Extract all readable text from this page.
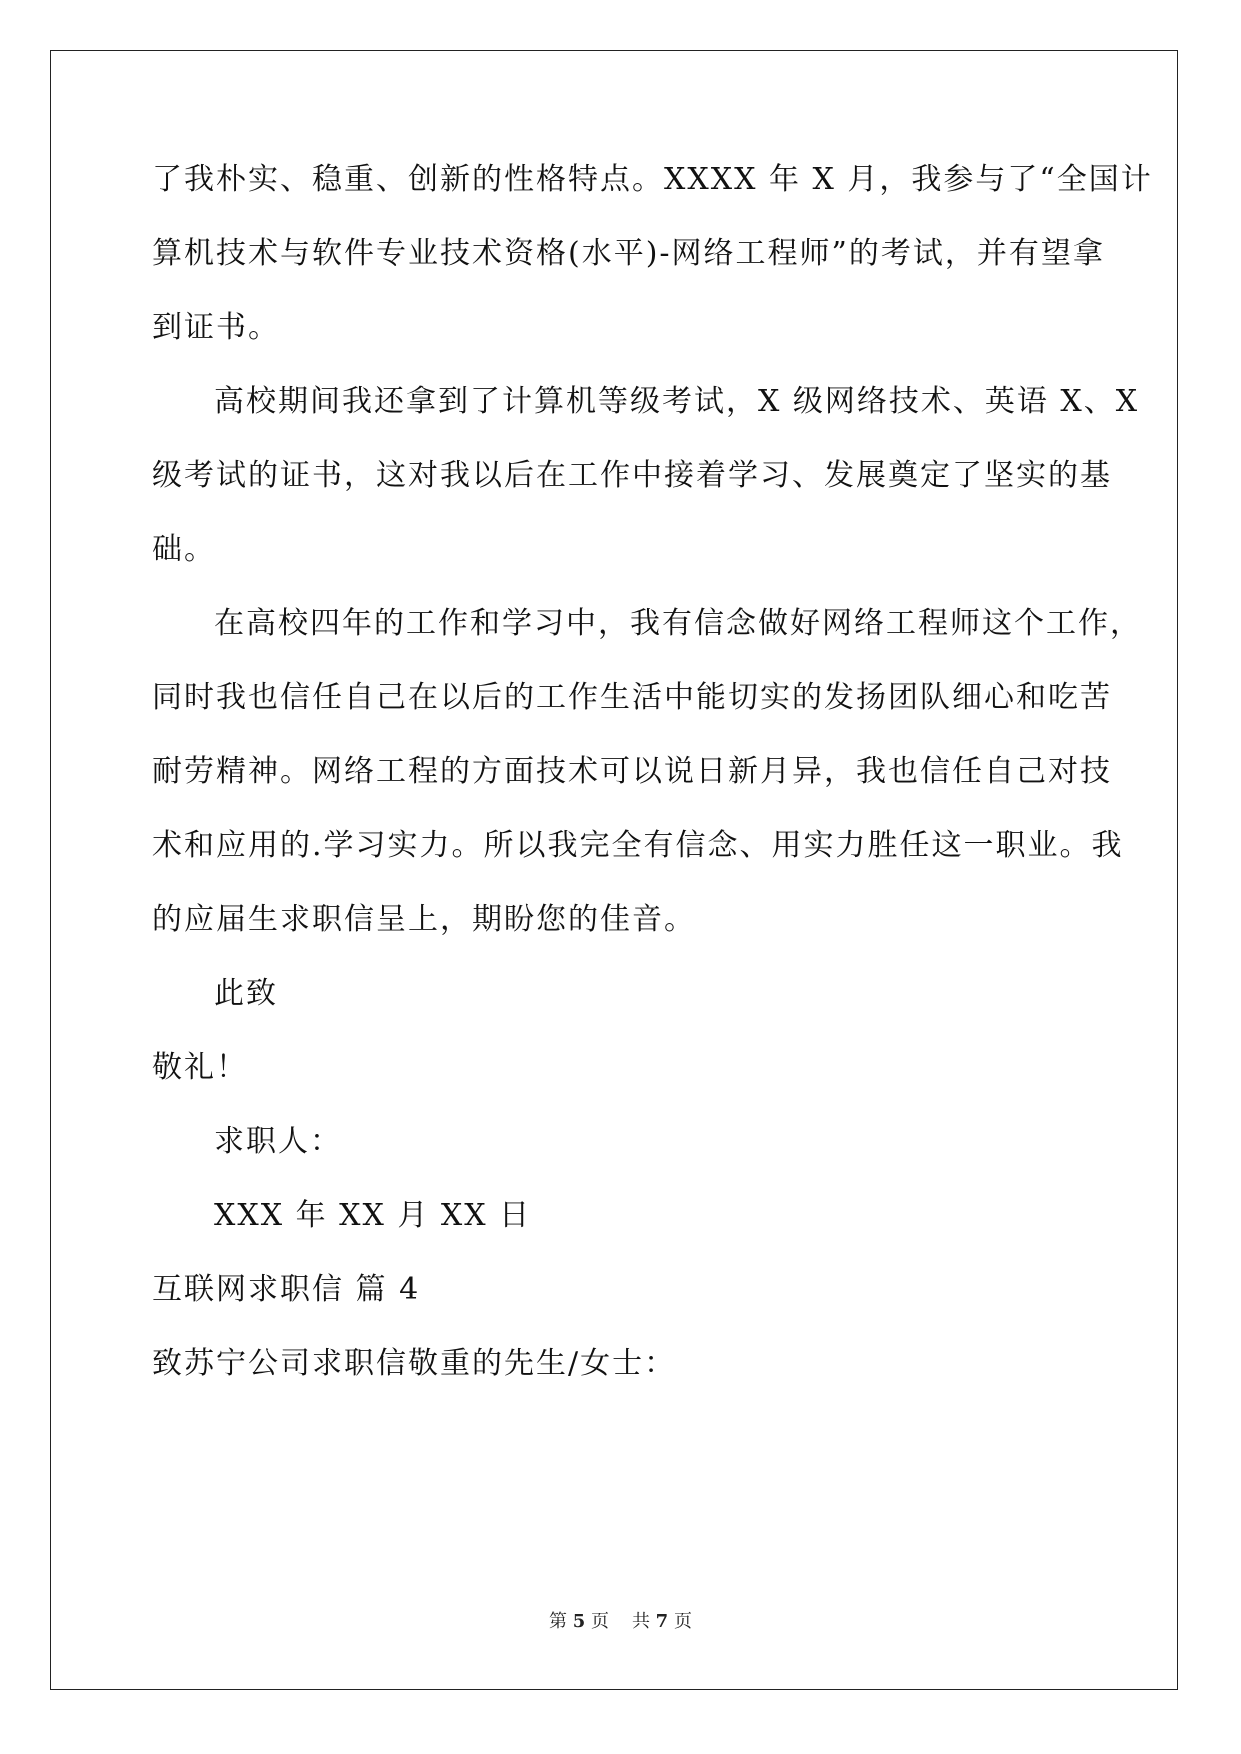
了我朴实、稳重、创新的性格特点。XXXX 年 X 月，我参与了“全国计
算机技术与软件专业技术资格(水平)-网络工程师”的考试，并有望拿
到证书。
高校期间我还拿到了计算机等级考试，X 级网络技术、英语 X、X
级考试的证书，这对我以后在工作中接着学习、发展奠定了坚实的基
础。
在高校四年的工作和学习中，我有信念做好网络工程师这个工作，
同时我也信任自己在以后的工作生活中能切实的发扬团队细心和吃苦
耐劳精神。网络工程的方面技术可以说日新月异，我也信任自己对技
术和应用的.学习实力。所以我完全有信念、用实力胜任这一职业。我
的应届生求职信呈上，期盼您的佳音。
此致
敬礼！
求职人：
XXX 年 XX 月 XX 日
互联网求职信 篇 4
致苏宁公司求职信敬重的先生/女士：
第 5 页 共 7 页
